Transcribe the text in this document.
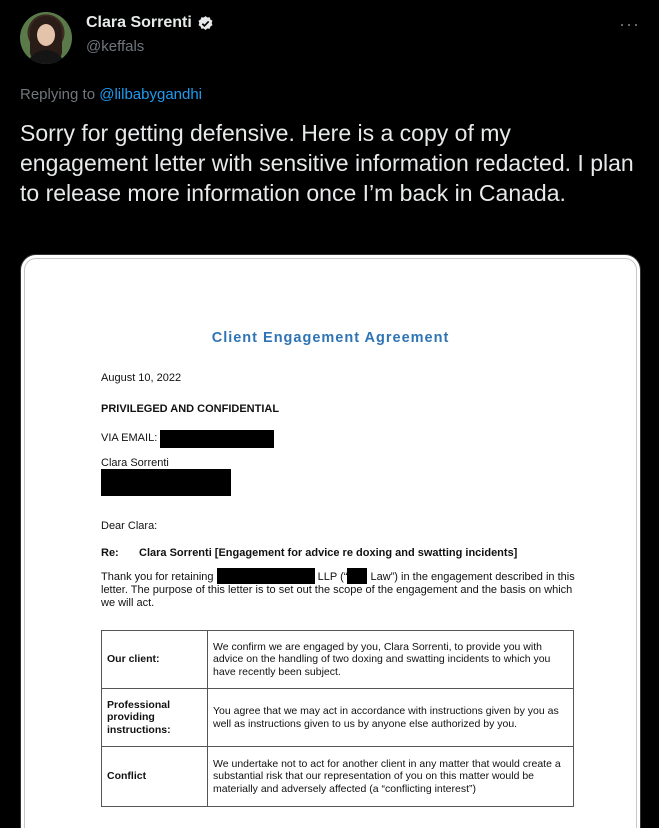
Clara Sorrenti
@keffals
···
Replying to @lilbabygandhi
Sorry for getting defensive. Here is a copy of my engagement letter with sensitive information redacted. I plan to release more information once I’m back in Canada.
Client Engagement Agreement
August 10, 2022
PRIVILEGED AND CONFIDENTIAL
VIA EMAIL:
Clara Sorrenti
Dear Clara:
Re: Clara Sorrenti [Engagement for advice re doxing and swatting incidents]
Thank you for retaining	LLP (“ Law”) in the engagement described in this letter. The purpose of this letter is to set out the scope of the engagement and the basis on which we will act.
Our client:	We confirm we are engaged by you, Clara Sorrenti, to provide you with advice on the handling of two doxing and swatting incidents to which you have recently been subject.
Professional providing instructions:	You agree that we may act in accordance with instructions given by you as well as instructions given to us by anyone else authorized by you.
Conflict	We undertake not to act for another client in any matter that would create a substantial risk that our representation of you on this matter would be materially and adversely affected (a “conflicting interest”)
